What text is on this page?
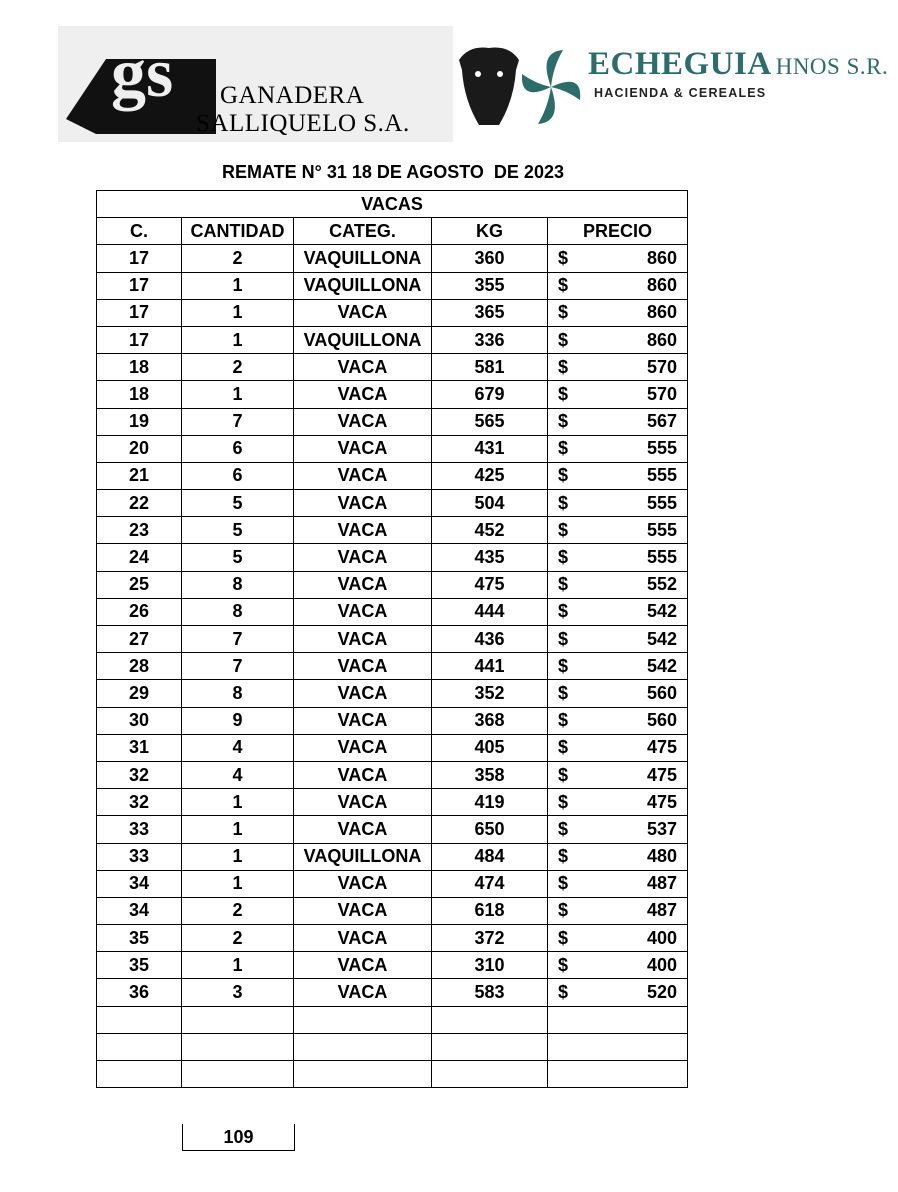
gs GANADERA
SALLIQUELO S.A.
ECHEGUIA HNOS S.R.
HACIENDA & CEREALES
REMATE N° 31 18 DE AGOSTO  DE 2023
VACAS				
C.	CANTIDAD	CATEG.	KG	PRECIO
17	2	VAQUILLONA	360	$ 860
17	1	VAQUILLONA	355	$ 860
17	1	VACA	365	$ 860
17	1	VAQUILLONA	336	$ 860
18	2	VACA	581	$ 570
18	1	VACA	679	$ 570
19	7	VACA	565	$ 567
20	6	VACA	431	$ 555
21	6	VACA	425	$ 555
22	5	VACA	504	$ 555
23	5	VACA	452	$ 555
24	5	VACA	435	$ 555
25	8	VACA	475	$ 552
26	8	VACA	444	$ 542
27	7	VACA	436	$ 542
28	7	VACA	441	$ 542
29	8	VACA	352	$ 560
30	9	VACA	368	$ 560
31	4	VACA	405	$ 475
32	4	VACA	358	$ 475
32	1	VACA	419	$ 475
33	1	VACA	650	$ 537
33	1	VAQUILLONA	484	$ 480
34	1	VACA	474	$ 487
34	2	VACA	618	$ 487
35	2	VACA	372	$ 400
35	1	VACA	310	$ 400
36	3	VACA	583	$ 520

109
